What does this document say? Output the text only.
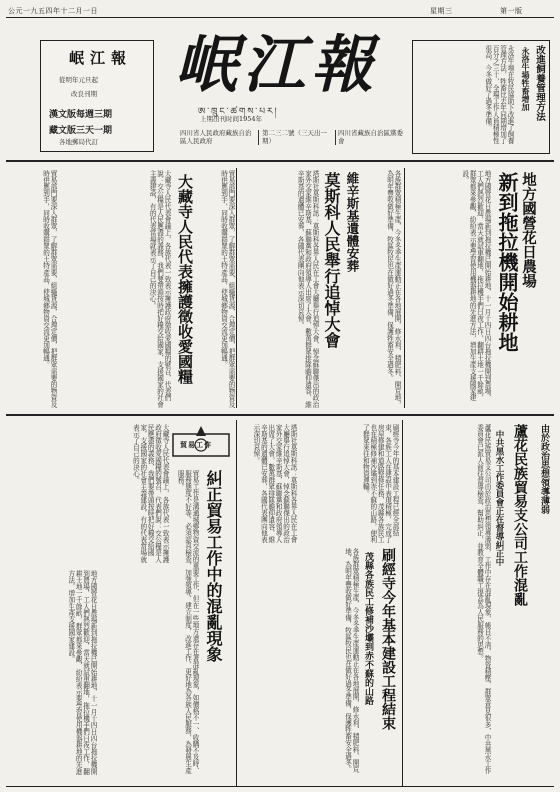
公元一九五四年十二月一日	星期三	第一版
岷江報
從明年元旦起
改良刊期
漢文版每週三期
藏文版三天一期
各地郵局代訂
岷江報
上期出刊时间1954年
ཨ་ཁྲུང་ཚགས་པར།
四川省人民政府藏族自治區人民政府
第二三二號（三天出一期）
四川省藏族自治區黨委會
改進飼養管理方法
永洛牛場牲畜增加
永洛牛場在牧民協助下改進了飼養管理方法，牲畜比去年同期增加了百分之三十，全場工作人員積極性很高，今冬做好了過冬準備。
地方國營花日農場
新到拖拉機開始耕地
地方國營花日農場新到拖拉機已開始耕地，十一月十四日四台拖拉機開到農場，工人們熱烈歡迎，當天就試車翻地，拖拉機手們日夜工作，翻耕土地一千餘畝，群眾都來參觀，紛紛表示要學習使用機器耕地的先進方法，增加生產支援國家建設。
各族群眾積極生產，今冬冬季生產運動正在各地展開，修水利、積肥料、開荒地，為明年豐收做好準備，牧區牧民也在做好過冬準備，保護牲畜安全過冬。
維辛斯基遺體安葬
莫斯科人民舉行追悼大會
塔斯社莫斯科訊：莫斯科各界人民在工會大廳舉行追悼大會，悼念蘇聯傑出的政治家外交家維辛斯基，蘇聯黨和政府領導人出席了大會，數萬群眾排隊瞻仰遺容，維辛斯基的遺體已安葬，各國代表團向他表示深切哀悼。
貿易部門要深入群眾，了解群眾需要，組織貨源，合理定價，把群眾需要的物資及時供應到手，同時收購群眾的土特產品，使城鄉物資交流更加暢通。
大藏寺人民代表擁護徵收愛國糧
大藏寺人民代表會議上，各族代表一致表示擁護政府徵收愛國糧的號召，代表們說：交公糧是人民應盡的義務，我們要帶頭按時把好糧交給國家，支援國家的社會主義建設，有的代表當場就表示了自己的決心。
貿易部門要深入群眾，了解群眾需要，組織貨源，合理定價，把群眾需要的物資及時供應到手，同時收購群眾的土特產品，使城鄉物資交流更加暢通。
由於政治思想領導薄弱
蘆花民族貿易支公司工作混亂
中共黑水工作委員會正在督導糾正中
蘆花民族貿易支公司由於政治思想領導薄弱，工作中存在混亂現象，帳目不清，物資積壓，群眾意見很多，中共黑水工作委員會已派人前往督導檢查，幫助糾正，並教育全體職工提高為人民服務的思想。
刷經寺今年的基本建設工程已經全部結束，各族工人在建設中表現積極，完成了房屋修建和道路整修任務，茂縣各族民工也在積極修補沙壩到赤不蘇的山路，便利了群眾來往和物資運輸。
刷經寺今年基本建設工程結束
茂縣各族民工修補沙壩到赤不蘇的山路
各族群眾積極生產，今冬冬季生產運動正在各地展開，修水利、積肥料、開荒地，為明年豐收做好準備，牧區牧民也在做好過冬準備，保護牲畜安全過冬。
塔斯社莫斯科訊：莫斯科各界人民在工會大廳舉行追悼大會，悼念蘇聯傑出的政治家外交家維辛斯基，蘇聯黨和政府領導人出席了大會，數萬群眾排隊瞻仰遺容，維辛斯基的遺體已安葬，各國代表團向他表示深切哀悼。
貿易工作
糾正貿易工作中的混亂現象
貿易工作是溝通城鄉物資交流的重要工作，但在一些地方還存在著混亂現象，如價格不一、收購不及時、服務態度不好等，必須認真檢查，加強領導，建立制度，改進工作，更好地為各族人民服務，為發展生產服務。
大藏寺人民代表會議上，各族代表一致表示擁護政府徵收愛國糧的號召，代表們說：交公糧是人民應盡的義務，我們要帶頭按時把好糧交給國家，支援國家的社會主義建設，有的代表當場就表示了自己的決心。
地方國營花日農場新到拖拉機已開始耕地，十一月十四日四台拖拉機開到農場，工人們熱烈歡迎，當天就試車翻地，拖拉機手們日夜工作，翻耕土地一千餘畝，群眾都來參觀，紛紛表示要學習使用機器耕地的先進方法，增加生產支援國家建設。
